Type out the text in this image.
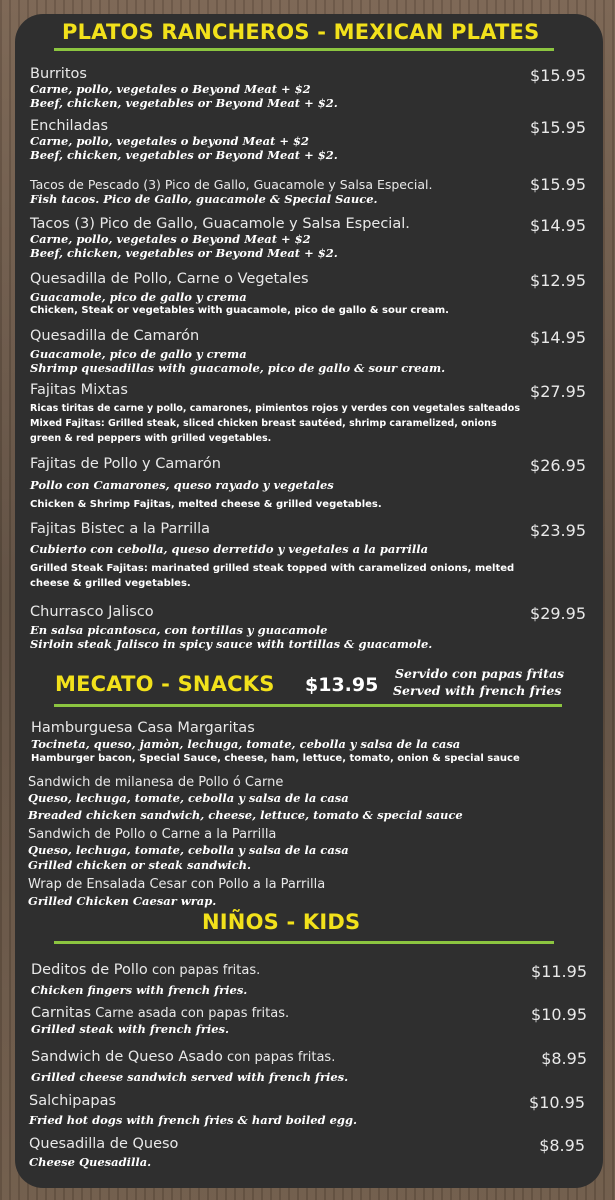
PLATOS RANCHEROS - MEXICAN PLATES
Burritos	$15.95
Carne, pollo, vegetales o Beyond Meat + $2
Beef, chicken, vegetables or Beyond Meat + $2.
Enchiladas	$15.95
Carne, pollo, vegetales o beyond Meat + $2
Beef, chicken, vegetables or Beyond Meat + $2.
Tacos de Pescado (3) Pico de Gallo, Guacamole y Salsa Especial.	$15.95
Fish tacos. Pico de Gallo, guacamole & Special Sauce.
Tacos (3) Pico de Gallo, Guacamole y Salsa Especial.	$14.95
Carne, pollo, vegetales o Beyond Meat + $2
Beef, chicken, vegetables or Beyond Meat + $2.
Quesadilla de Pollo, Carne o Vegetales	$12.95
Guacamole, pico de gallo y crema
Chicken, Steak or vegetables with guacamole, pico de gallo & sour cream.
Quesadilla de Camarón	$14.95
Guacamole, pico de gallo y crema
Shrimp quesadillas with guacamole, pico de gallo & sour cream.
Fajitas Mixtas	$27.95
Ricas tiritas de carne y pollo, camarones, pimientos rojos y verdes con vegetales salteados
Mixed Fajitas: Grilled steak, sliced chicken breast sautéed, shrimp caramelized, onions
green & red peppers with grilled vegetables.
Fajitas de Pollo y Camarón	$26.95
Pollo con Camarones, queso rayado y vegetales
Chicken & Shrimp Fajitas, melted cheese & grilled vegetables.
Fajitas Bistec a la Parrilla	$23.95
Cubierto con cebolla, queso derretido y vegetales a la parrilla
Grilled Steak Fajitas: marinated grilled steak topped with caramelized onions, melted
cheese & grilled vegetables.
Churrasco Jalisco	$29.95
En salsa picantosca, con tortillas y guacamole
Sirloin steak Jalisco in spicy sauce with tortillas & guacamole.
MECATO - SNACKS $13.95
Servido con papas fritas
Served with french fries
Hamburguesa Casa Margaritas
Tocineta, queso, jamòn, lechuga, tomate, cebolla y salsa de la casa
Hamburger bacon, Special Sauce, cheese, ham, lettuce, tomato, onion & special sauce
Sandwich de milanesa de Pollo ó Carne
Queso, lechuga, tomate, cebolla y salsa de la casa
Breaded chicken sandwich, cheese, lettuce, tomato & special sauce
Sandwich de Pollo o Carne a la Parrilla
Queso, lechuga, tomate, cebolla y salsa de la casa
Grilled chicken or steak sandwich.
Wrap de Ensalada Cesar con Pollo a la Parrilla
Grilled Chicken Caesar wrap.
NIÑOS - KIDS
Deditos de Pollo con papas fritas.	$11.95
Chicken fingers with french fries.
Carnitas Carne asada con papas fritas.	$10.95
Grilled steak with french fries.
Sandwich de Queso Asado con papas fritas.	$8.95
Grilled cheese sandwich served with french fries.
Salchipapas	$10.95
Fried hot dogs with french fries & hard boiled egg.
Quesadilla de Queso	$8.95
Cheese Quesadilla.
